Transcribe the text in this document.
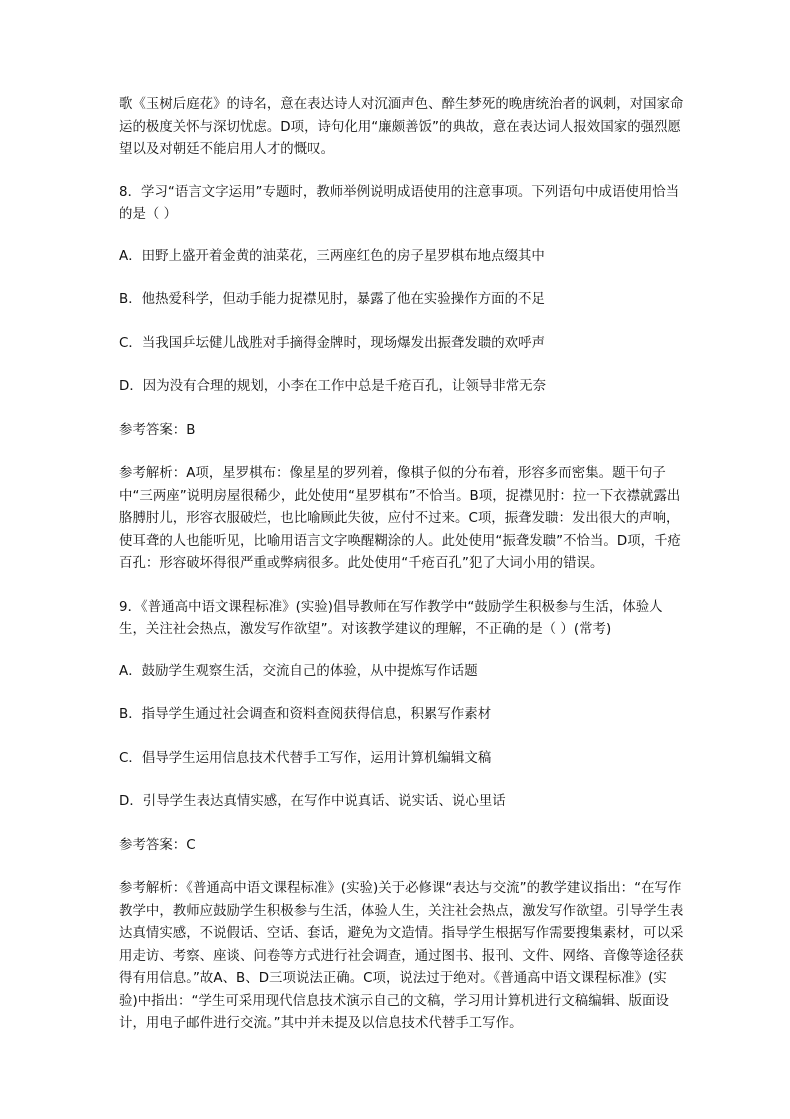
歌《玉树后庭花》的诗名，意在表达诗人对沉湎声色、醉生梦死的晚唐统治者的讽刺，对国家命运的极度关怀与深切忧虑。D项，诗句化用“廉颇善饭”的典故，意在表达词人报效国家的强烈愿望以及对朝廷不能启用人才的慨叹。

8．学习“语言文字运用”专题时，教师举例说明成语使用的注意事项。下列语句中成语使用恰当的是（ ）

A．田野上盛开着金黄的油菜花，三两座红色的房子星罗棋布地点缀其中

B．他热爱科学，但动手能力捉襟见肘，暴露了他在实验操作方面的不足

C．当我国乒坛健儿战胜对手摘得金牌时，现场爆发出振聋发聩的欢呼声

D．因为没有合理的规划，小李在工作中总是千疮百孔，让领导非常无奈

参考答案：B

参考解析：A项，星罗棋布：像星星的罗列着，像棋子似的分布着，形容多而密集。题干句子中“三两座”说明房屋很稀少，此处使用“星罗棋布”不恰当。B项，捉襟见肘：拉一下衣襟就露出胳膊肘儿，形容衣服破烂，也比喻顾此失彼，应付不过来。C项，振聋发聩：发出很大的声响，使耳聋的人也能听见，比喻用语言文字唤醒糊涂的人。此处使用“振聋发聩”不恰当。D项，千疮百孔：形容破坏得很严重或弊病很多。此处使用“千疮百孔”犯了大词小用的错误。

9．《普通高中语文课程标准》(实验)倡导教师在写作教学中“鼓励学生积极参与生活，体验人生，关注社会热点，激发写作欲望”。对该教学建议的理解，不正确的是（ ）(常考)

A．鼓励学生观察生活，交流自己的体验，从中提炼写作话题

B．指导学生通过社会调查和资料查阅获得信息，积累写作素材

C．倡导学生运用信息技术代替手工写作，运用计算机编辑文稿

D．引导学生表达真情实感，在写作中说真话、说实话、说心里话

参考答案：C

参考解析：《普通高中语文课程标准》(实验)关于必修课“表达与交流”的教学建议指出：“在写作教学中，教师应鼓励学生积极参与生活，体验人生，关注社会热点，激发写作欲望。引导学生表达真情实感，不说假话、空话、套话，避免为文造情。指导学生根据写作需要搜集素材，可以采用走访、考察、座谈、问卷等方式进行社会调查，通过图书、报刊、文件、网络、音像等途径获得有用信息。”故A、B、D三项说法正确。C项，说法过于绝对。《普通高中语文课程标准》(实验)中指出：“学生可采用现代信息技术演示自己的文稿，学习用计算机进行文稿编辑、版面设计，用电子邮件进行交流。”其中并未提及以信息技术代替手工写作。
